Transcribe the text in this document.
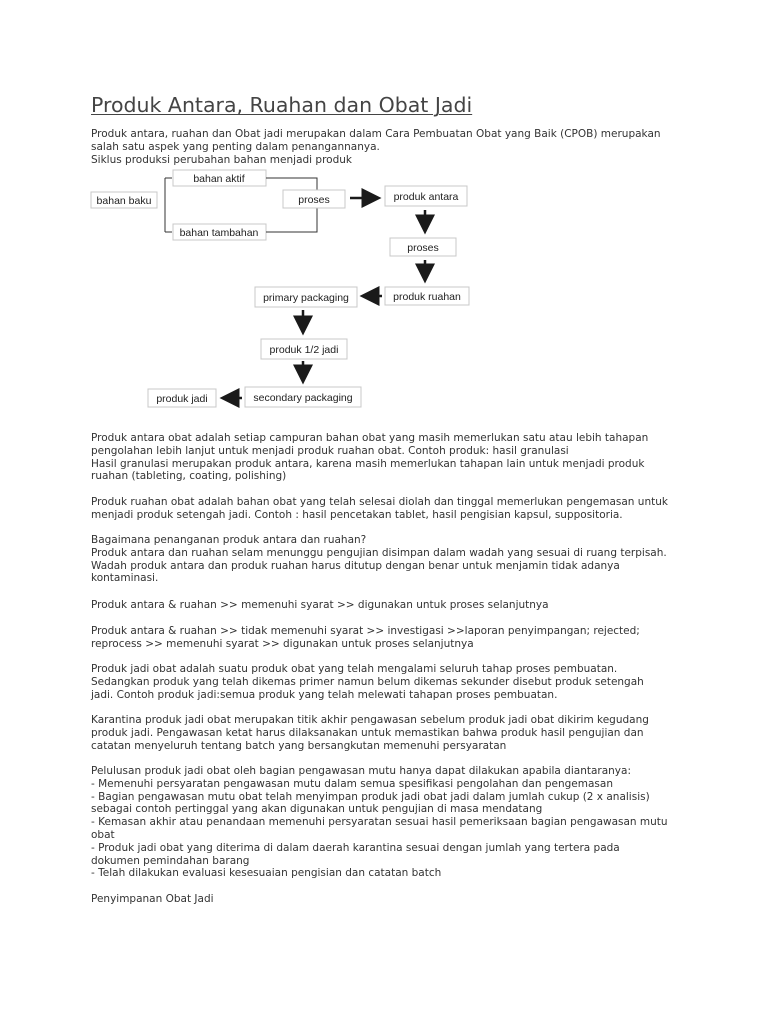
Produk Antara, Ruahan dan Obat Jadi
Produk antara, ruahan dan Obat jadi merupakan dalam Cara Pembuatan Obat yang Baik (CPOB) merupakan
salah satu aspek yang penting dalam penangannanya.
Siklus produksi perubahan bahan menjadi produk
bahan baku
bahan aktif
bahan tambahan
proses	produk antara
proses
produk ruahan
primary packaging
produk 1/2 jadi
secondary packaging
produk jadi
Produk antara obat adalah setiap campuran bahan obat yang masih memerlukan satu atau lebih tahapan
pengolahan lebih lanjut untuk menjadi produk ruahan obat. Contoh produk: hasil granulasi
Hasil granulasi merupakan produk antara, karena masih memerlukan tahapan lain untuk menjadi produk
ruahan (tableting, coating, polishing)
Produk ruahan obat adalah bahan obat yang telah selesai diolah dan tinggal memerlukan pengemasan untuk
menjadi produk setengah jadi. Contoh : hasil pencetakan tablet, hasil pengisian kapsul, suppositoria.
Bagaimana penanganan produk antara dan ruahan?
Produk antara dan ruahan selam menunggu pengujian disimpan dalam wadah yang sesuai di ruang terpisah.
Wadah produk antara dan produk ruahan harus ditutup dengan benar untuk menjamin tidak adanya
kontaminasi.
Produk antara & ruahan >> memenuhi syarat >> digunakan untuk proses selanjutnya
Produk antara & ruahan >> tidak memenuhi syarat >> investigasi >>laporan penyimpangan; rejected;
reprocess >> memenuhi syarat >> digunakan untuk proses selanjutnya
Produk jadi obat adalah suatu produk obat yang telah mengalami seluruh tahap proses pembuatan.
Sedangkan produk yang telah dikemas primer namun belum dikemas sekunder disebut produk setengah
jadi. Contoh produk jadi:semua produk yang telah melewati tahapan proses pembuatan.
Karantina produk jadi obat merupakan titik akhir pengawasan sebelum produk jadi obat dikirim kegudang
produk jadi. Pengawasan ketat harus dilaksanakan untuk memastikan bahwa produk hasil pengujian dan
catatan menyeluruh tentang batch yang bersangkutan memenuhi persyaratan
Pelulusan produk jadi obat oleh bagian pengawasan mutu hanya dapat dilakukan apabila diantaranya:
- Memenuhi persyaratan pengawasan mutu dalam semua spesifikasi pengolahan dan pengemasan
- Bagian pengawasan mutu obat telah menyimpan produk jadi obat jadi dalam jumlah cukup (2 x analisis)
sebagai contoh pertinggal yang akan digunakan untuk pengujian di masa mendatang
- Kemasan akhir atau penandaan memenuhi persyaratan sesuai hasil pemeriksaan bagian pengawasan mutu
obat
- Produk jadi obat yang diterima di dalam daerah karantina sesuai dengan jumlah yang tertera pada
dokumen pemindahan barang
- Telah dilakukan evaluasi kesesuaian pengisian dan catatan batch
Penyimpanan Obat Jadi
